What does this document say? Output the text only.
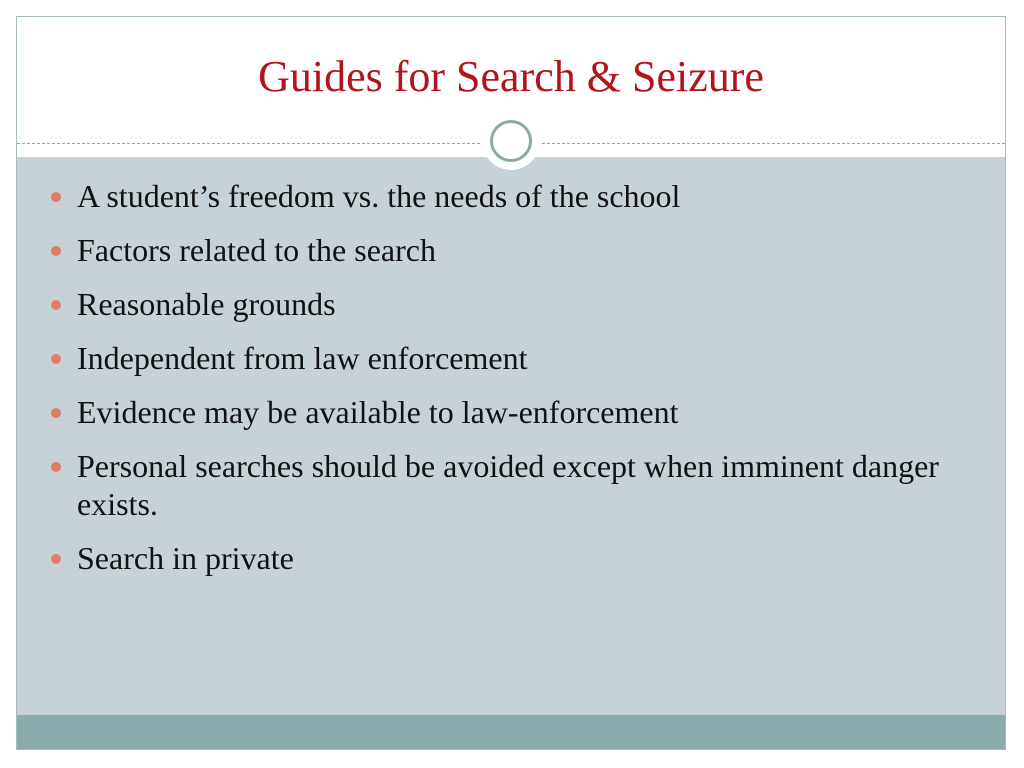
Guides for Search & Seizure
A student’s freedom vs. the needs of the school
Factors related to the search
Reasonable grounds
Independent from law enforcement
Evidence may be available to law-enforcement
Personal searches should be avoided except when imminent danger exists.
Search in private
